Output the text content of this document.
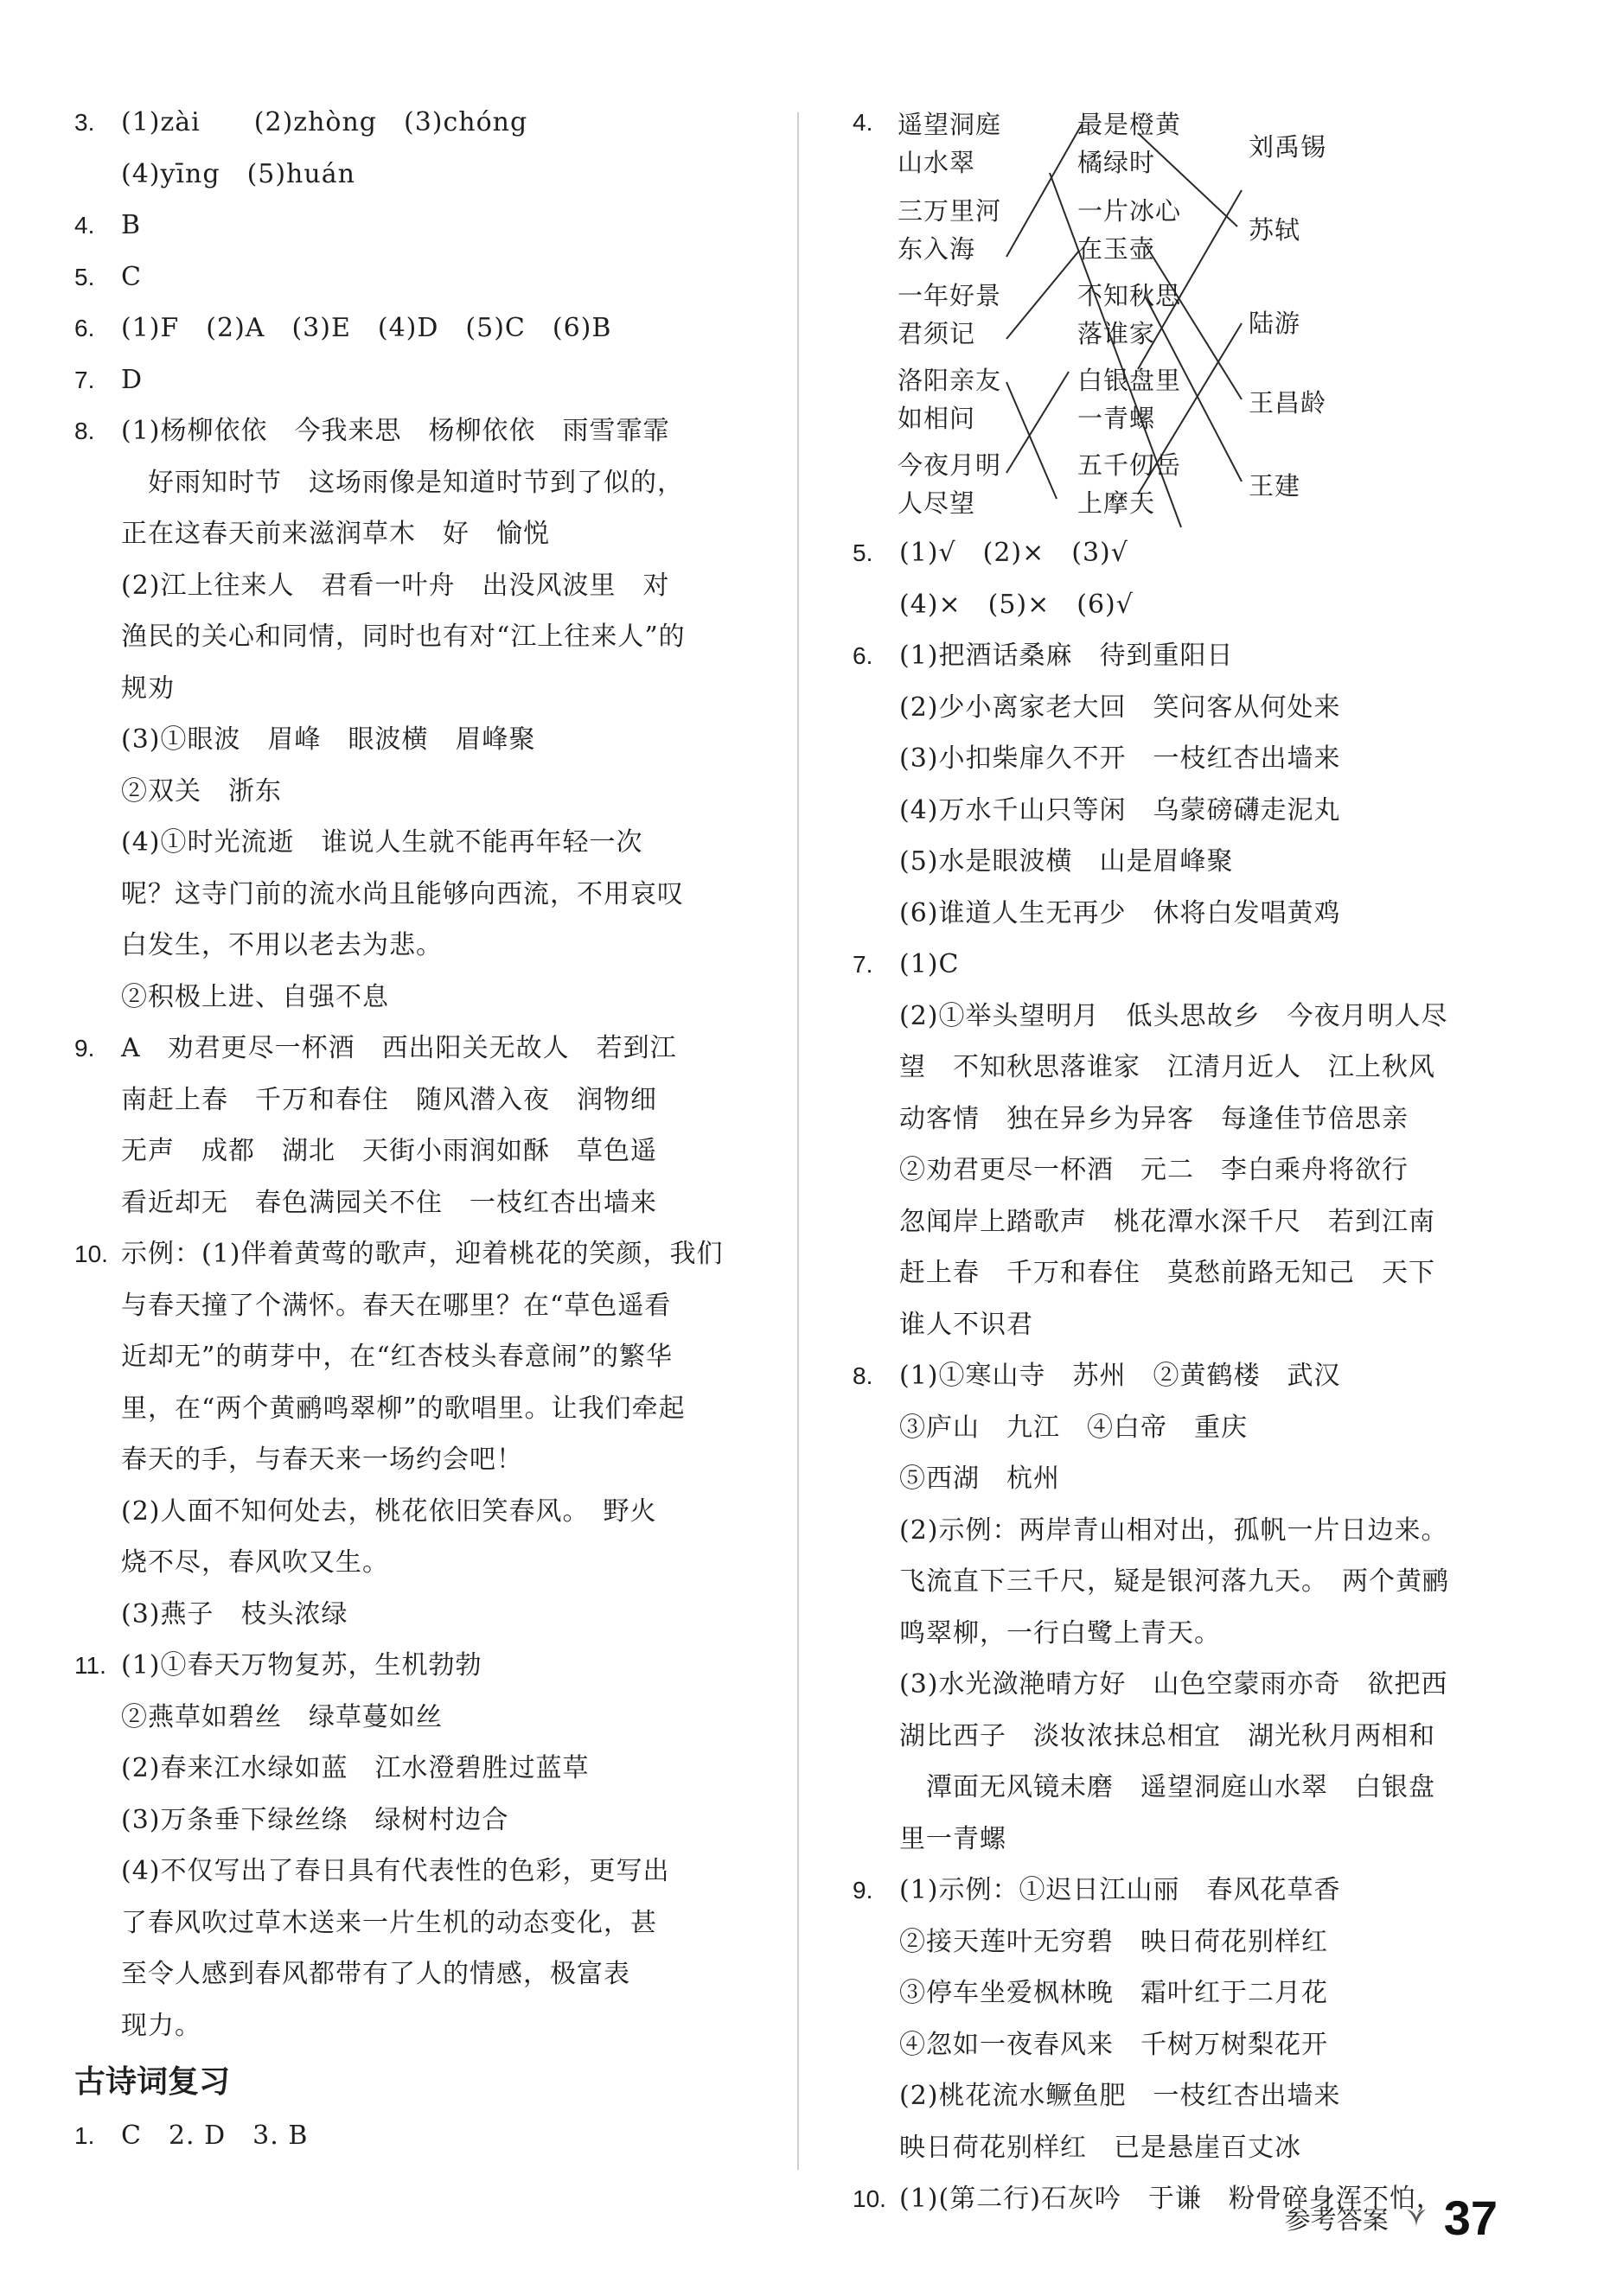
3. (1)zài　　(2)zhòng　(3)chóng
(4)yīng　(5)huán
4. B
5. C
6. (1)F　(2)A　(3)E　(4)D　(5)C　(6)B
7. D
8. (1)杨柳依依　今我来思　杨柳依依　雨雪霏霏
　好雨知时节　这场雨像是知道时节到了似的，
正在这春天前来滋润草木　好　愉悦
(2)江上往来人　君看一叶舟　出没风波里　对
渔民的关心和同情，同时也有对“江上往来人”的
规劝
(3)①眼波　眉峰　眼波横　眉峰聚
②双关　浙东
(4)①时光流逝　谁说人生就不能再年轻一次
呢？这寺门前的流水尚且能够向西流，不用哀叹
白发生，不用以老去为悲。
②积极上进、自强不息
9. A　劝君更尽一杯酒　西出阳关无故人　若到江
南赶上春　千万和春住　随风潜入夜　润物细
无声　成都　湖北　天街小雨润如酥　草色遥
看近却无　春色满园关不住　一枝红杏出墙来
10. 示例：(1)伴着黄莺的歌声，迎着桃花的笑颜，我们
与春天撞了个满怀。春天在哪里？在“草色遥看
近却无”的萌芽中，在“红杏枝头春意闹”的繁华
里，在“两个黄鹂鸣翠柳”的歌唱里。让我们牵起
春天的手，与春天来一场约会吧！
(2)人面不知何处去，桃花依旧笑春风。　野火
烧不尽，春风吹又生。
(3)燕子　枝头浓绿
11. (1)①春天万物复苏，生机勃勃
②燕草如碧丝　绿草蔓如丝
(2)春来江水绿如蓝　江水澄碧胜过蓝草
(3)万条垂下绿丝绦　绿树村边合
(4)不仅写出了春日具有代表性的色彩，更写出
了春风吹过草木送来一片生机的动态变化，甚
至令人感到春风都带有了人的情感，极富表
现力。
古诗词复习
1. C　2. D　3. B
4. 遥望洞庭
山水翠
三万里河
东入海
一年好景
君须记
洛阳亲友
如相问
今夜月明
人尽望
最是橙黄
橘绿时
一片冰心
在玉壶
不知秋思
落谁家
白银盘里
一青螺
五千仞岳
上摩天
刘禹锡
苏轼
陆游
王昌龄
王建
5. (1)√　(2)×　(3)√
(4)×　(5)×　(6)√
6. (1)把酒话桑麻　待到重阳日
(2)少小离家老大回　笑问客从何处来
(3)小扣柴扉久不开　一枝红杏出墙来
(4)万水千山只等闲　乌蒙磅礴走泥丸
(5)水是眼波横　山是眉峰聚
(6)谁道人生无再少　休将白发唱黄鸡
7. (1)C
(2)①举头望明月　低头思故乡　今夜月明人尽
望　不知秋思落谁家　江清月近人　江上秋风
动客情　独在异乡为异客　每逢佳节倍思亲
②劝君更尽一杯酒　元二　李白乘舟将欲行
忽闻岸上踏歌声　桃花潭水深千尺　若到江南
赶上春　千万和春住　莫愁前路无知己　天下
谁人不识君
8. (1)①寒山寺　苏州　②黄鹤楼　武汉
③庐山　九江　④白帝　重庆
⑤西湖　杭州
(2)示例：两岸青山相对出，孤帆一片日边来。
飞流直下三千尺，疑是银河落九天。　两个黄鹂
鸣翠柳，一行白鹭上青天。
(3)水光潋滟晴方好　山色空蒙雨亦奇　欲把西
湖比西子　淡妆浓抹总相宜　湖光秋月两相和
　潭面无风镜未磨　遥望洞庭山水翠　白银盘
里一青螺
9. (1)示例：①迟日江山丽　春风花草香
②接天莲叶无穷碧　映日荷花别样红
③停车坐爱枫林晚　霜叶红于二月花
④忽如一夜春风来　千树万树梨花开
(2)桃花流水鳜鱼肥　一枝红杏出墙来
映日荷花别样红　已是悬崖百丈冰
10. (1)(第二行)石灰吟　于谦　粉骨碎身浑不怕，
参考答案 37
